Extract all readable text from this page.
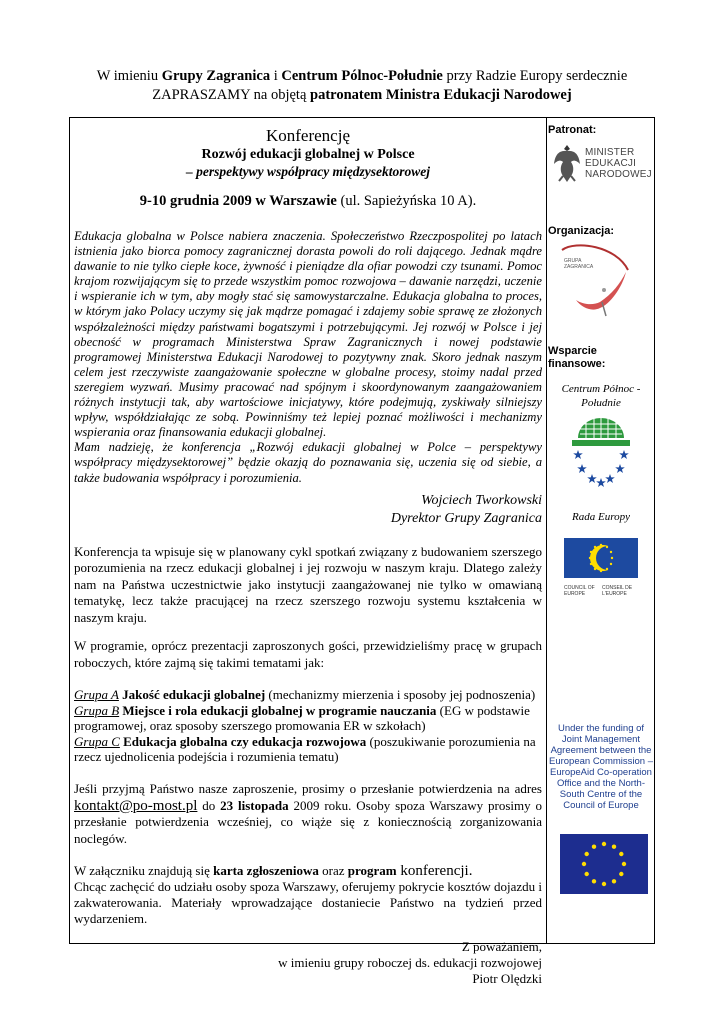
W imieniu Grupy Zagranica i Centrum Pólnoc-Południe przy Radzie Europy serdecznie
ZAPRASZAMY na objętą patronatem Ministra Edukacji Narodowej
Konferencję
Rozwój edukacji globalnej w Polsce
– perspektywy współpracy międzysektorowej
9-10 grudnia 2009 w Warszawie (ul. Sapieżyńska 10 A).
Edukacja globalna w Polsce nabiera znaczenia. Społeczeństwo Rzeczpospolitej po latach istnienia jako biorca pomocy zagranicznej dorasta powoli do roli dającego. Jednak mądre dawanie to nie tylko ciepłe koce, żywność i pieniądze dla ofiar powodzi czy tsunami. Pomoc krajom rozwijającym się to przede wszystkim pomoc rozwojowa – dawanie narzędzi, uczenie i wspieranie ich w tym, aby mogły stać się samowystarczalne. Edukacja globalna to proces, w którym jako Polacy uczymy się jak mądrze pomagać i zdajemy sobie sprawę ze złożonych współzależności między państwami bogatszymi i potrzebującymi. Jej rozwój w Polsce i jej obecność w programach Ministerstwa Spraw Zagranicznych i nowej podstawie programowej Ministerstwa Edukacji Narodowej to pozytywny znak. Skoro jednak naszym celem jest rzeczywiste zaangażowanie społeczne w globalne procesy, stoimy nadal przed szeregiem wyzwań. Musimy pracować nad spójnym i skoordynowanym zaangażowaniem różnych instytucji tak, aby wartościowe inicjatywy, które podejmują, zyskiwały silniejszy wpływ, współdziałając ze sobą. Powinniśmy też lepiej poznać możliwości i mechanizmy wspierania oraz finansowania edukacji globalnej.
Mam nadzieję, że konferencja „Rozwój edukacji globalnej w Polce – perspektywy współpracy międzysektorowej” będzie okazją do poznawania się, uczenia się od siebie, a także budowania współpracy i porozumienia.
Wojciech Tworkowski
Dyrektor Grupy Zagranica
Konferencja ta wpisuje się w planowany cykl spotkań związany z budowaniem szerszego porozumienia na rzecz edukacji globalnej i jej rozwoju w naszym kraju. Dlatego zależy nam na Państwa uczestnictwie jako instytucji zaangażowanej nie tylko w omawianą tematykę, lecz także pracującej na rzecz szerszego rozwoju systemu kształcenia w naszym kraju.
W programie, oprócz prezentacji zaproszonych gości, przewidzieliśmy pracę w grupach roboczych, które zajmą się takimi tematami jak:
Grupa A Jakość edukacji globalnej (mechanizmy mierzenia i sposoby jej podnoszenia)
Grupa B Miejsce i rola edukacji globalnej w programie nauczania (EG w podstawie programowej, oraz sposoby szerszego promowania ER w szkołach)
Grupa C Edukacja globalna czy edukacja rozwojowa (poszukiwanie porozumienia na rzecz ujednolicenia podejścia i rozumienia tematu)
Jeśli przyjmą Państwo nasze zaproszenie, prosimy o przesłanie potwierdzenia na adres kontakt@po-most.pl do 23 listopada 2009 roku. Osoby spoza Warszawy prosimy o przesłanie potwierdzenia wcześniej, co wiąże się z koniecznością zorganizowania noclegów.
W załączniku znajdują się karta zgłoszeniowa oraz program konferencji.
Chcąc zachęcić do udziału osoby spoza Warszawy, oferujemy pokrycie kosztów dojazdu i zakwaterowania. Materiały wprowadzające dostaniecie Państwo na tydzień przed wydarzeniem.
Z poważaniem,
w imieniu grupy roboczej ds. edukacji rozwojowej
Piotr Olędzki
Patronat:
MINISTER
EDUKACJI
NARODOWEJ
Organizacja:
GRUPA
ZAGRANICA
Wsparcie finansowe:
Centrum Północ - Południe
Rada Europy
COUNCIL OF EUROPE
CONSEIL DE L'EUROPE
Under the funding of Joint Management Agreement between the European Commission – EuropeAid Co-operation Office and the North-South Centre of the Council of Europe
